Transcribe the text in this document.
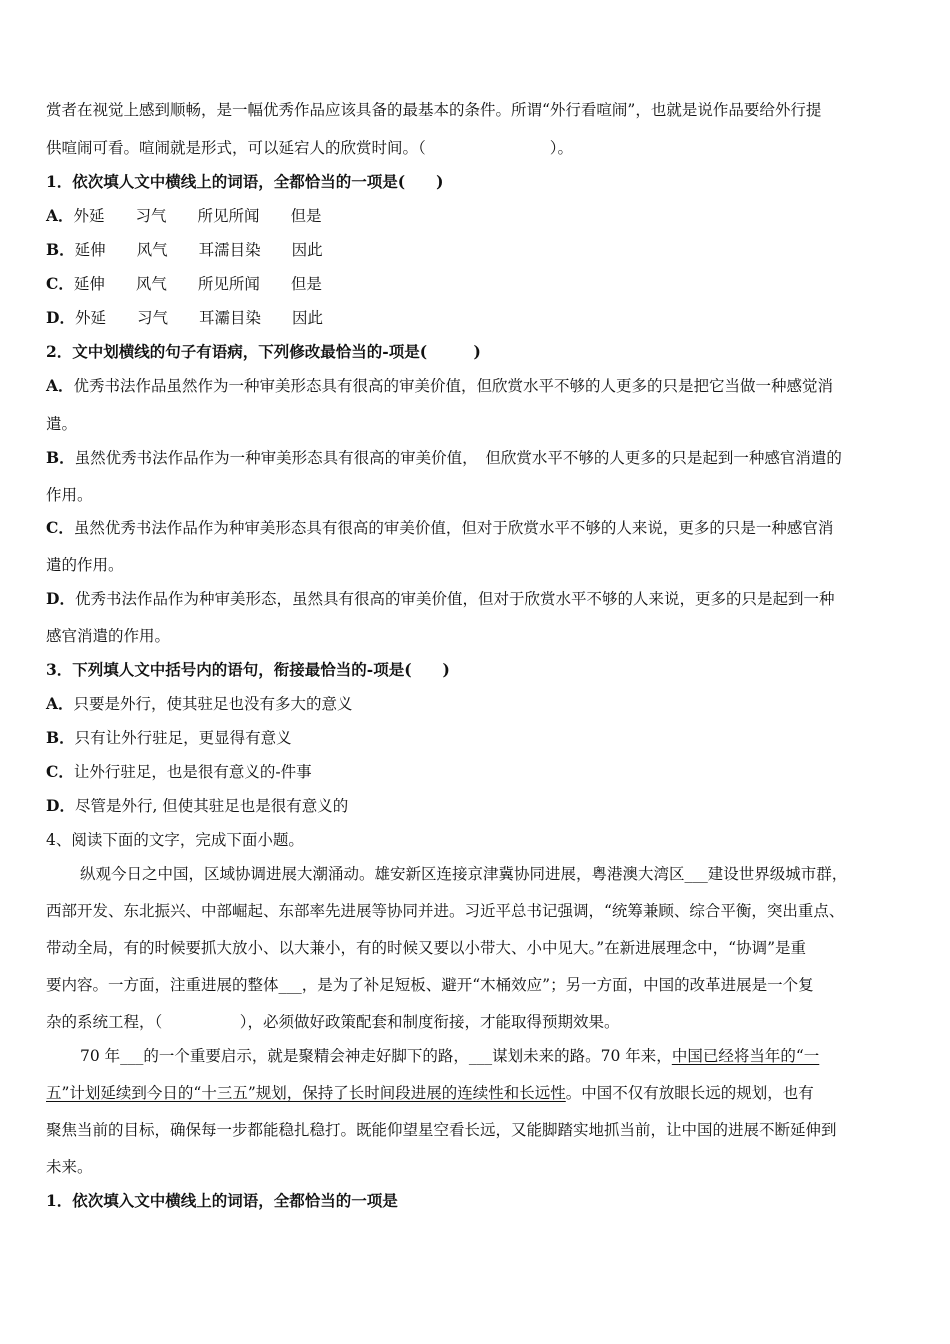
赏者在视觉上感到顺畅，是一幅优秀作品应该具备的最基本的条件。所谓“外行看喧闹”，也就是说作品要给外行提
供喧闹可看。喧闹就是形式，可以延宕人的欣赏时间。（　　　　　　　　）。
1．依次填人文中横线上的词语，全都恰当的一项是(　　)
A．外延　　习气　　所见所闻　　但是
B．延伸　　风气　　耳濡目染　　因此
C．延伸　　风气　　所见所闻　　但是
D．外延　　习气　　耳灞目染　　因此
2．文中划横线的句子有语病，下列修改最恰当的-项是(　　　)
A．优秀书法作品虽然作为一种审美形态具有很高的审美价值，但欣赏水平不够的人更多的只是把它当做一种感觉消
遣。
B．虽然优秀书法作品作为一种审美形态具有很高的审美价值，　但欣赏水平不够的人更多的只是起到一种感官消遣的
作用。
C．虽然优秀书法作品作为种审美形态具有很高的审美价值，但对于欣赏水平不够的人来说，更多的只是一种感官消
遣的作用。
D．优秀书法作品作为种审美形态，虽然具有很高的审美价值，但对于欣赏水平不够的人来说，更多的只是起到一种
感官消遣的作用。
3．下列填人文中括号内的语句，衔接最恰当的-项是(　　)
A．只要是外行，使其驻足也没有多大的意义
B．只有让外行驻足，更显得有意义
C．让外行驻足，也是很有意义的-件事
D．尽管是外行, 但使其驻足也是很有意义的
4、阅读下面的文字，完成下面小题。
纵观今日之中国，区域协调进展大潮涌动。雄安新区连接京津冀协同进展，粤港澳大湾区___建设世界级城市群，
西部开发、东北振兴、中部崛起、东部率先进展等协同并进。习近平总书记强调，“统筹兼顾、综合平衡，突出重点、
带动全局，有的时候要抓大放小、以大兼小，有的时候又要以小带大、小中见大。”在新进展理念中，“协调”是重
要内容。一方面，注重进展的整体___，是为了补足短板、避开“木桶效应”；另一方面，中国的改革进展是一个复
杂的系统工程，（　　　　　），必须做好政策配套和制度衔接，才能取得预期效果。
70 年___的一个重要启示，就是聚精会神走好脚下的路，___谋划未来的路。70 年来，中国已经将当年的“一
五”计划延续到今日的“十三五”规划，保持了长时间段进展的连续性和长远性。中国不仅有放眼长远的规划，也有
聚焦当前的目标，确保每一步都能稳扎稳打。既能仰望星空看长远，又能脚踏实地抓当前，让中国的进展不断延伸到
未来。
1．依次填入文中横线上的词语，全都恰当的一项是
